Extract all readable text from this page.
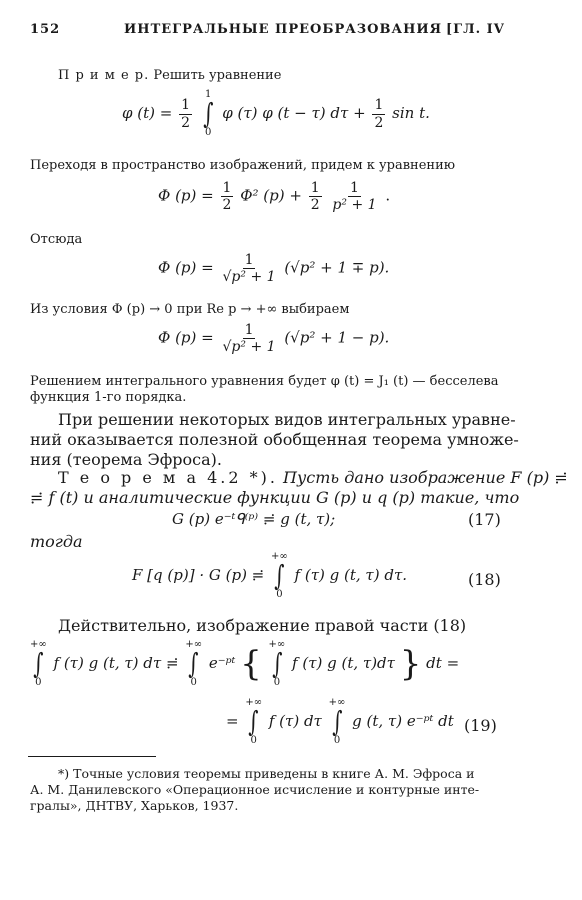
152	ИНТЕГРАЛЬНЫЕ ПРЕОБРАЗОВАНИЯ [ГЛ. IV
П р и м е р. Решить уравнение
φ $(t) = \frac{1}{2}$

1
∫
0
φ (τ) φ (t − τ) $d\tau + \frac{1}{2}$ sin t.
Переходя в пространство изображений, придем к уравнению
Φ $(p) = \frac{1}{2} \Phi^2$ $(p) + \frac{1}{2}$
$\frac{1}{\text{p² + 1}}$ .
Отсюда
Φ $(p) = \frac{1}{\text{√p² + 1}} (√p^2 + 1 \mp p)$.
Из условия Φ (p) → 0 при Re p → +∞ выбираем
Φ $(p) = \frac{1}{\text{√p² + 1}} (√p^2 + 1 - p)$.
Решением интегрального уравнения будет φ (t) = J₁ (t) — бесселева
функция 1-го порядка.
При решении некоторых видов интегральных уравне-
ний оказывается полезной обобщенная теорема умноже-
ния (теорема Эфроса).
Т е о р е м а 4.2 *). Пусть дано изображение F (p) ≓
≓ f (t) и аналитические функции G (p) и q (p) такие, что
G (p) e⁻ᵗᑫ⁽ᵖ⁾ ≓ g (t, τ);	(17)
тогда
F [q (p)] · G (p) ≓
+∞
∫
0
f (τ) g (t, τ) dτ.	(18)
Действительно, изображение правой части (18)
+∞
∫
0
f (τ) g (t, τ) dτ ≓
+∞
∫
0
e⁻ᵖᵗ { +∞
∫
0
f (τ) g (t, τ)dτ } dt =
=
+∞
∫
0
f (τ) dτ
+∞
∫
0
g (t, τ) e⁻ᵖᵗ dt (19)
*) Точные условия теоремы приведены в книге А. М. Эфроса и
А. М. Данилевского «Операционное исчисление и контурные инте-
гралы», ДНТВУ, Харьков, 1937.
